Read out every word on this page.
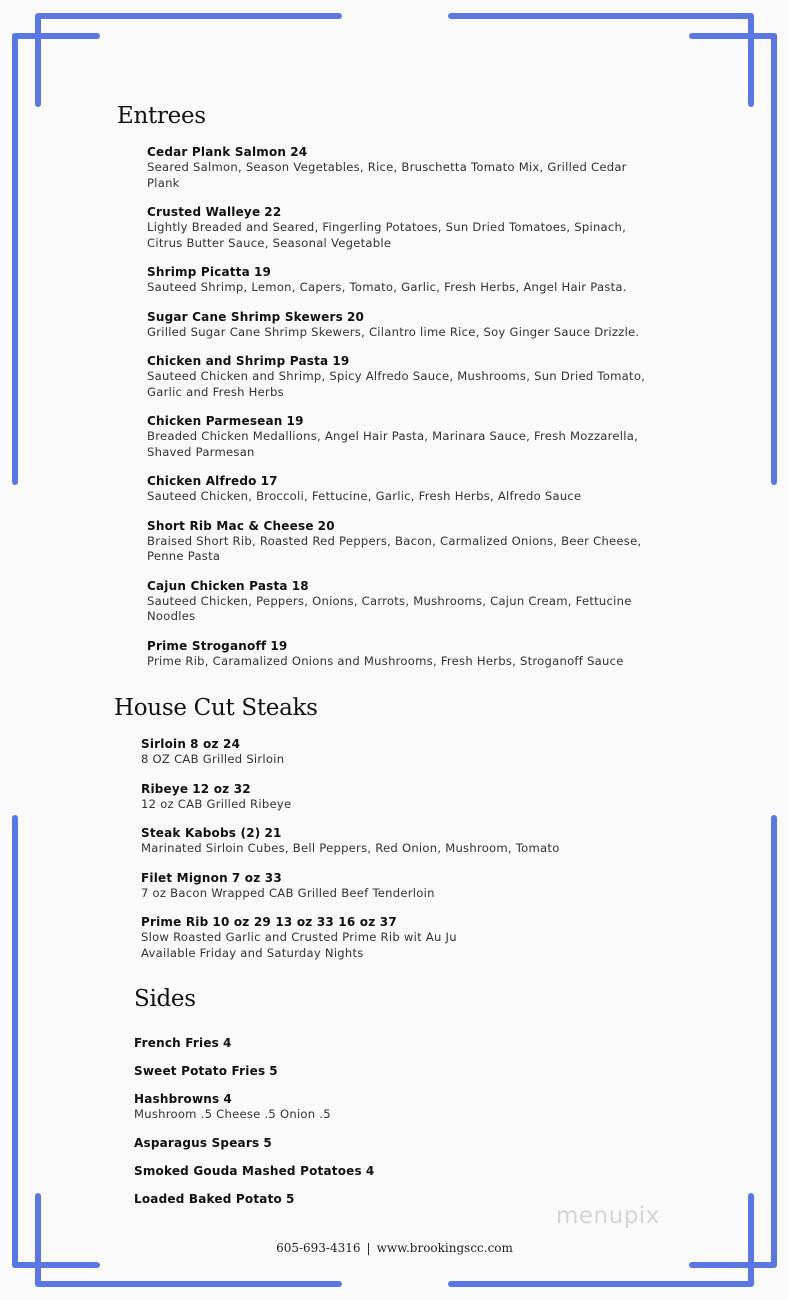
Entrees
Cedar Plank Salmon 24
Seared Salmon, Season Vegetables, Rice, Bruschetta Tomato Mix, Grilled Cedar
Plank
Crusted Walleye 22
Lightly Breaded and Seared, Fingerling Potatoes, Sun Dried Tomatoes, Spinach,
Citrus Butter Sauce, Seasonal Vegetable
Shrimp Picatta 19
Sauteed Shrimp, Lemon, Capers, Tomato, Garlic, Fresh Herbs, Angel Hair Pasta.
Sugar Cane Shrimp Skewers 20
Grilled Sugar Cane Shrimp Skewers, Cilantro lime Rice, Soy Ginger Sauce Drizzle.
Chicken and Shrimp Pasta 19
Sauteed Chicken and Shrimp, Spicy Alfredo Sauce, Mushrooms, Sun Dried Tomato,
Garlic and Fresh Herbs
Chicken Parmesean 19
Breaded Chicken Medallions, Angel Hair Pasta, Marinara Sauce, Fresh Mozzarella,
Shaved Parmesan
Chicken Alfredo 17
Sauteed Chicken, Broccoli, Fettucine, Garlic, Fresh Herbs, Alfredo Sauce
Short Rib Mac & Cheese 20
Braised Short Rib, Roasted Red Peppers, Bacon, Carmalized Onions, Beer Cheese,
Penne Pasta
Cajun Chicken Pasta 18
Sauteed Chicken, Peppers, Onions, Carrots, Mushrooms, Cajun Cream, Fettucine
Noodles
Prime Stroganoff 19
Prime Rib, Caramalized Onions and Mushrooms, Fresh Herbs, Stroganoff Sauce
House Cut Steaks
Sirloin 8 oz 24
8 OZ CAB Grilled Sirloin
Ribeye 12 oz 32
12 oz CAB Grilled Ribeye
Steak Kabobs (2) 21
Marinated Sirloin Cubes, Bell Peppers, Red Onion, Mushroom, Tomato
Filet Mignon 7 oz 33
7 oz Bacon Wrapped CAB Grilled Beef Tenderloin
Prime Rib 10 oz 29 13 oz 33 16 oz 37
Slow Roasted Garlic and Crusted Prime Rib wit Au Ju
Available Friday and Saturday Nights
Sides
French Fries 4
Sweet Potato Fries 5
Hashbrowns 4
Mushroom .5 Cheese .5 Onion .5
Asparagus Spears 5
Smoked Gouda Mashed Potatoes 4
Loaded Baked Potato 5
605-693-4316 | www.brookingscc.com
menupix
